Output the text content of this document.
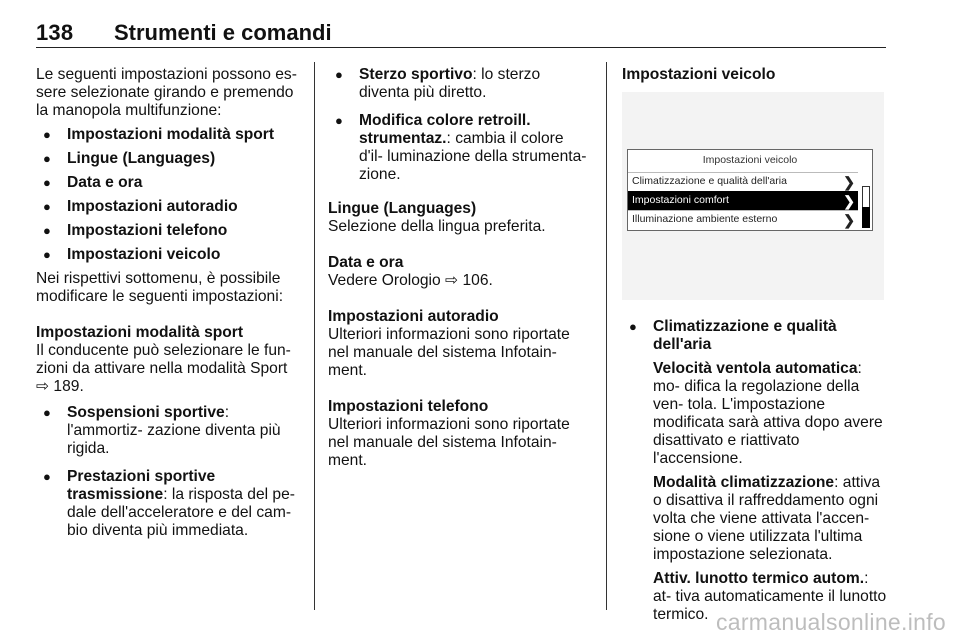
138 Strumenti e comandi

Le seguenti impostazioni possono es- sere selezionate girando e premendo la manopola multifunzione:

● Impostazioni modalità sport
● Lingue (Languages)
● Data e ora
● Impostazioni autoradio
● Impostazioni telefono
● Impostazioni veicolo

Nei rispettivi sottomenu, è possibile modificare le seguenti impostazioni:

Impostazioni modalità sport

Il conducente può selezionare le fun- zioni da attivare nella modalità Sport
⇨ 189.

● Sospensioni sportive: l'ammortiz- zazione diventa più rigida.
● Prestazioni sportive trasmissione: la risposta del pe- dale dell'acceleratore e del cam- bio diventa più immediata.
● Sterzo sportivo: lo sterzo diventa più diretto.
● Modifica colore retroill. strumentaz.: cambia il colore d'il- luminazione della strumenta- zione.

Lingue (Languages)

Selezione della lingua preferita.

Data e ora

Vedere Orologio ⇨ 106.

Impostazioni autoradio

Ulteriori informazioni sono riportate nel manuale del sistema Infotain- ment.

Impostazioni telefono

Ulteriori informazioni sono riportate nel manuale del sistema Infotain- ment.

Impostazioni veicolo

Impostazioni veicolo
Climatizzazione e qualità dell'aria	❯
Impostazioni comfort	❯
Illuminazione ambiente esterno	❯

● Climatizzazione e qualità dell'aria

Velocità ventola automatica: mo- difica la regolazione della ven- tola. L'impostazione modificata sarà attiva dopo avere disattivato e riattivato l'accensione.

Modalità climatizzazione: attiva o disattiva il raffreddamento ogni volta che viene attivata l'accen- sione o viene utilizzata l'ultima impostazione selezionata.

Attiv. lunotto termico autom.: at- tiva automaticamente il lunotto termico. carmanualsonline.info
